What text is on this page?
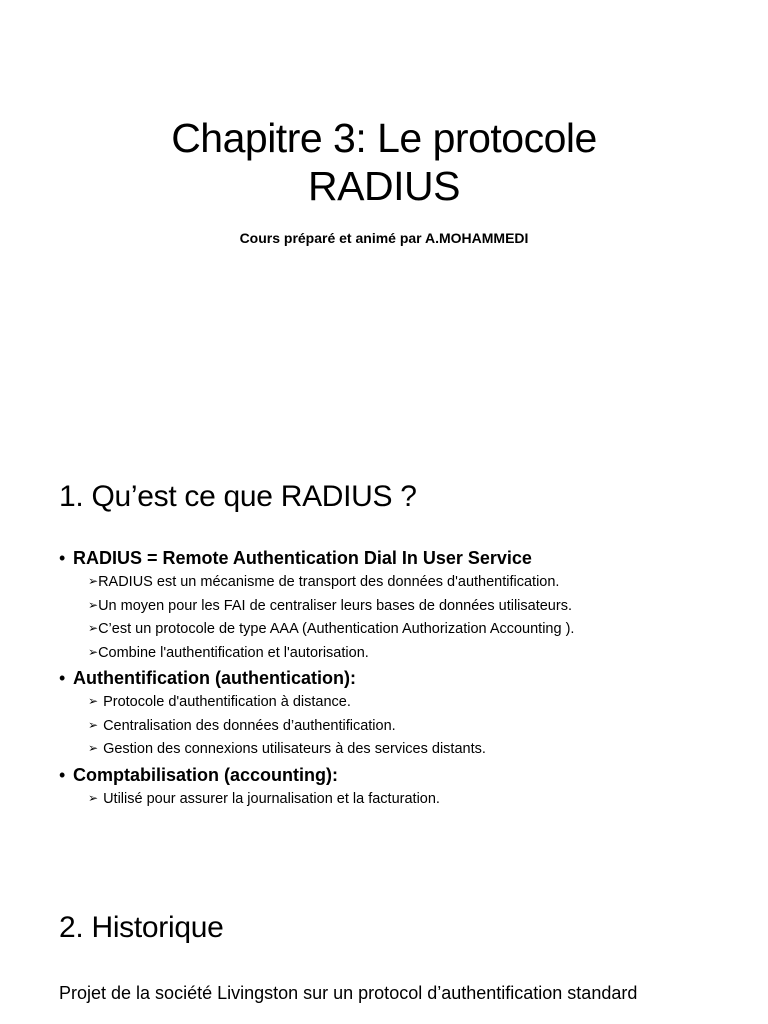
Chapitre 3: Le protocole
RADIUS

Cours préparé et animé par A.MOHAMMEDI

1. Qu’est ce que RADIUS ?
• RADIUS = Remote Authentication Dial In User Service
➢RADIUS est un mécanisme de transport des données d'authentification.
➢Un moyen pour les FAI de centraliser leurs bases de données utilisateurs.
➢C’est un protocole de type AAA (Authentication Authorization Accounting ).
➢Combine l'authentification et l'autorisation.
• Authentification (authentication):
➢ Protocole d'authentification à distance.
➢ Centralisation des données d’authentification.
➢ Gestion des connexions utilisateurs à des services distants.
• Comptabilisation (accounting):
➢ Utilisé pour assurer la journalisation et la facturation.
2. Historique

Projet de la société Livingston sur un protocol d’authentification standard
